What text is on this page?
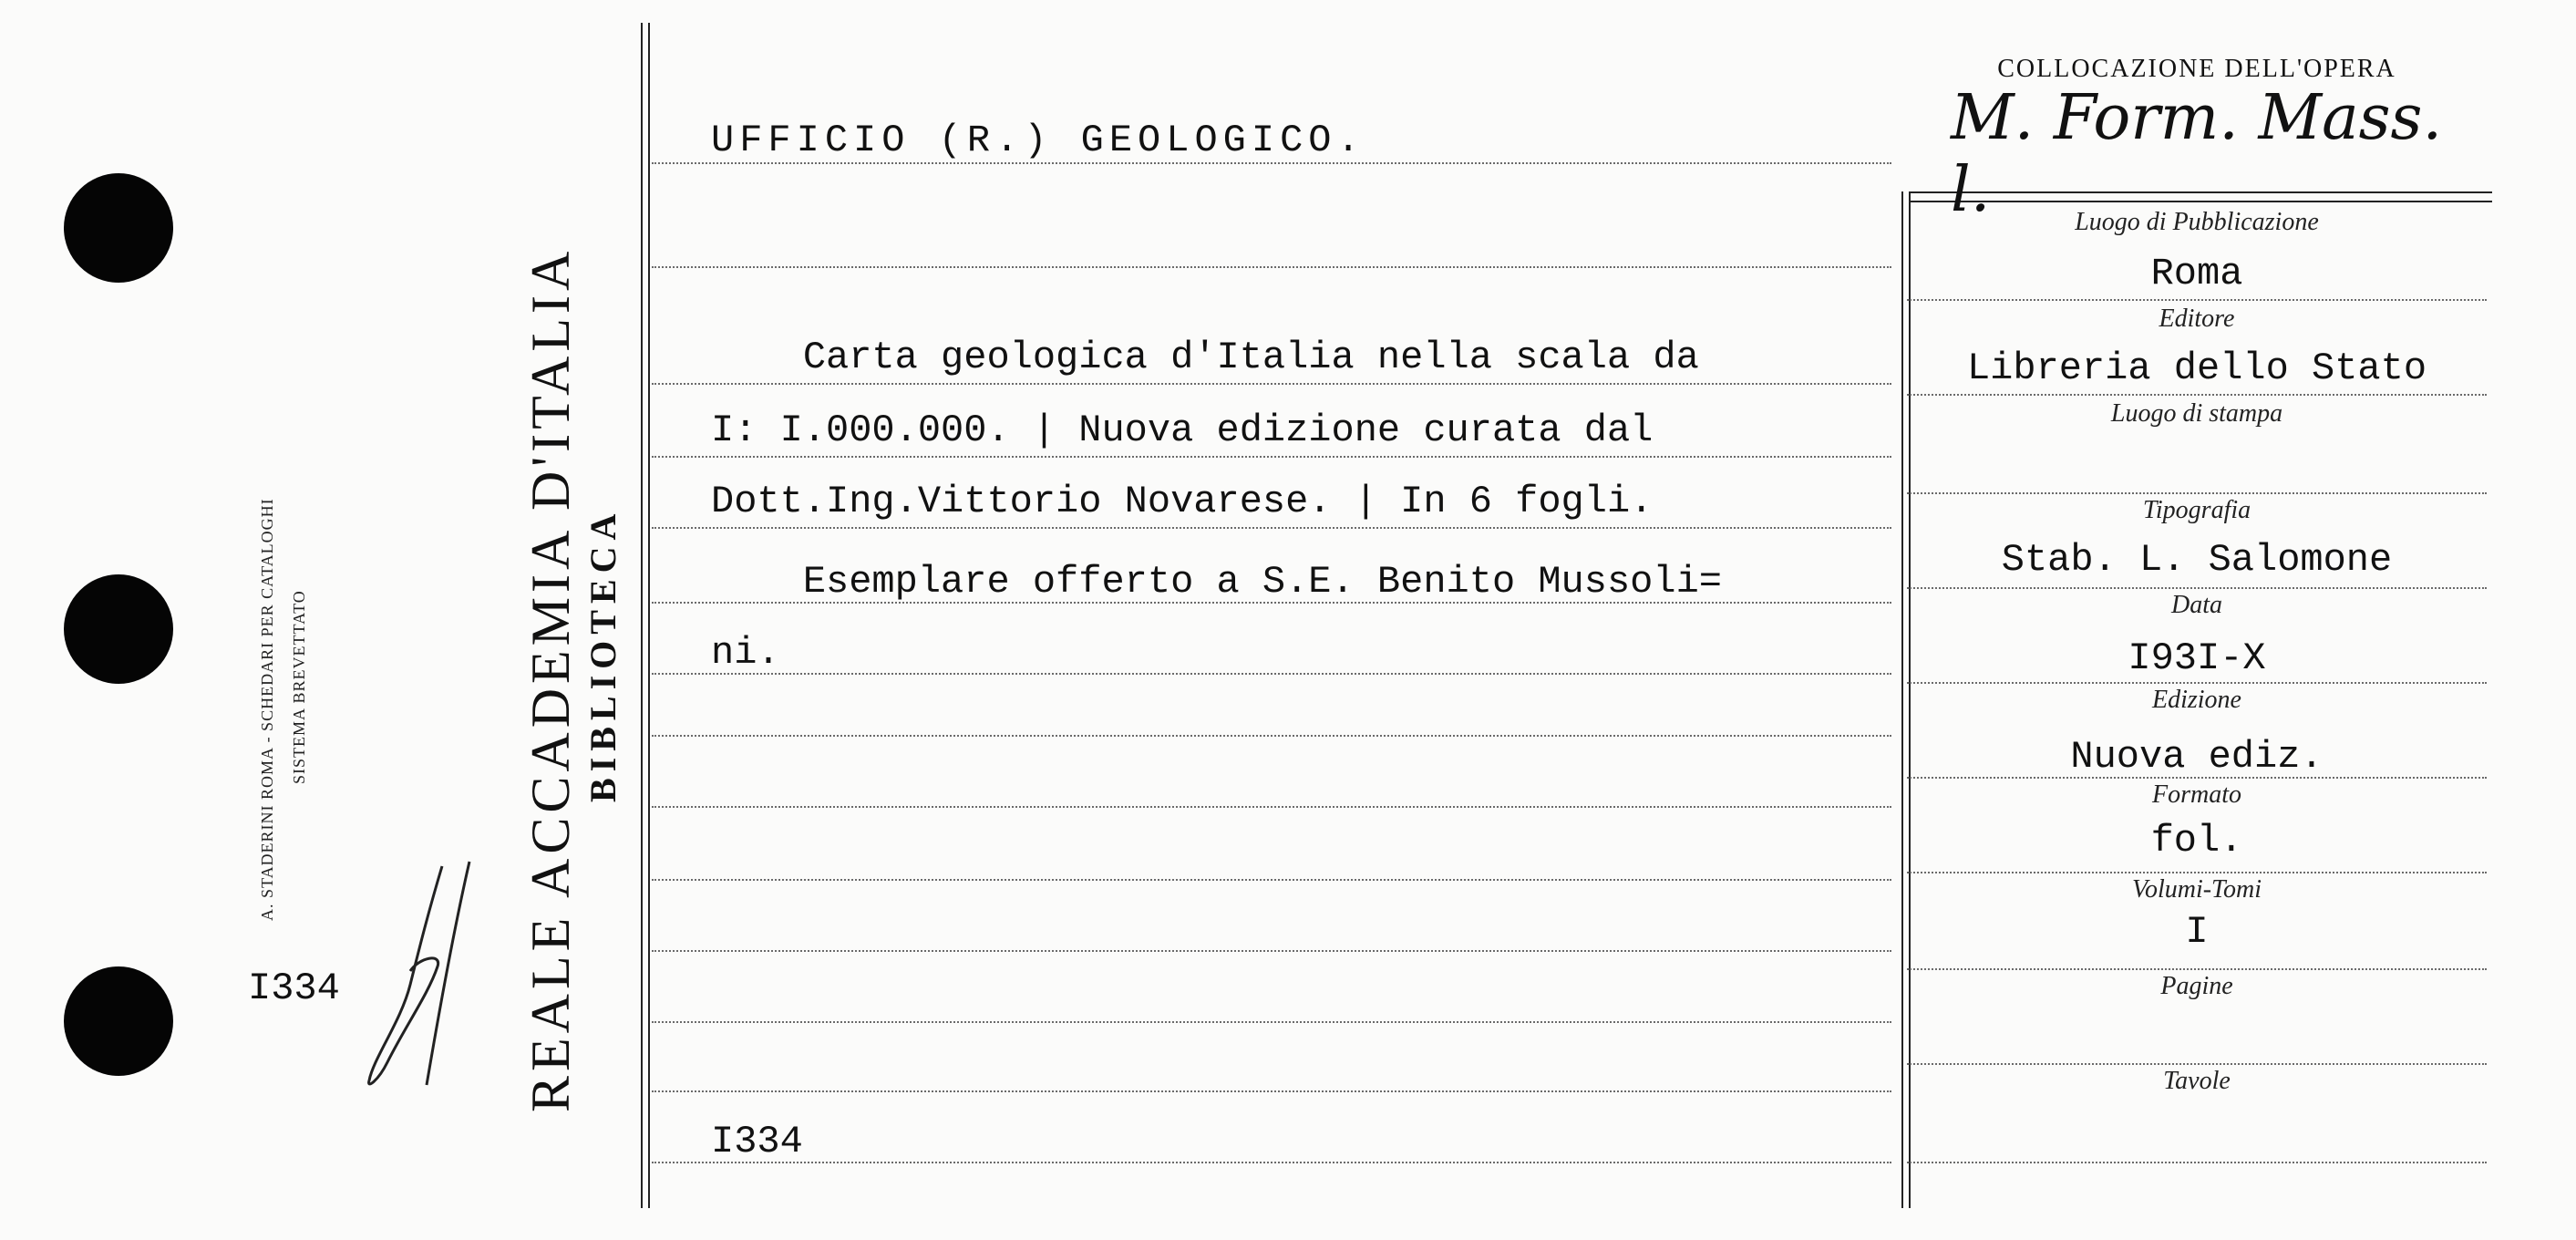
A. STADERINI ROMA - SCHEDARI PER CATALOGHI SISTEMA BREVETTATO	REALE ACCADEMIA D'ITALIA BIBLIOTECA
I334
UFFICIO (R.) GEOLOGICO.
Carta geologica d'Italia nella scala da
I: I.000.000. | Nuova edizione curata dal
Dott.Ing.Vittorio Novarese. | In 6 fogli.
Esemplare offerto a S.E. Benito Mussoli=
ni.
I334
COLLOCAZIONE DELL'OPERA
M. Form. Mass. l.	Luogo di Pubblicazione
Roma
Editore
Libreria dello Stato
Luogo di stampa
Tipografia
Stab. L. Salomone
Data
I93I-X
Edizione
Nuova ediz.
Formato
fol.
Volumi-Tomi
I
Pagine
Tavole
